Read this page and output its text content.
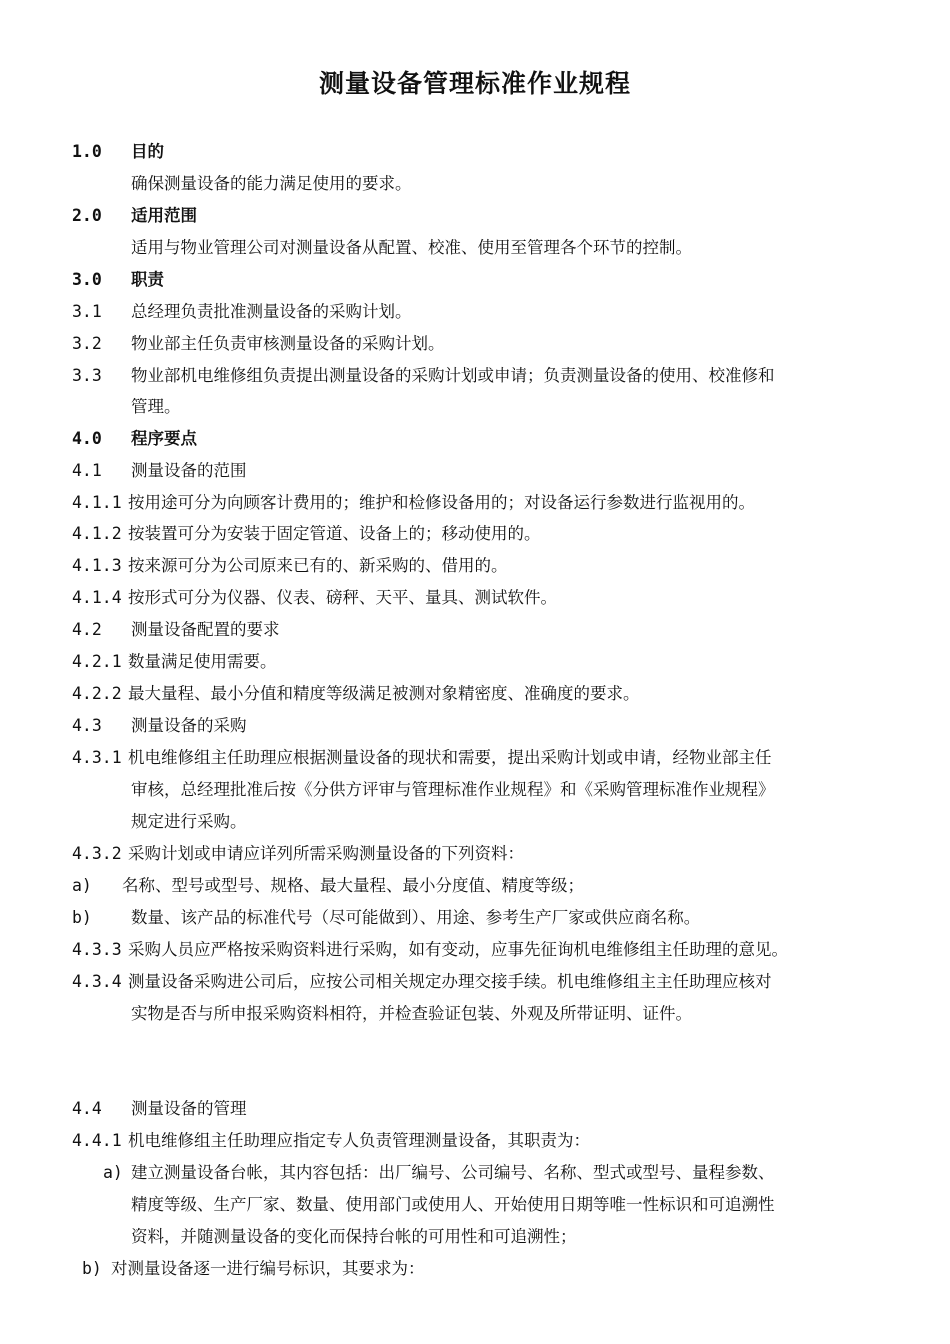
测量设备管理标准作业规程
1.0 目的
确保测量设备的能力满足使用的要求。
2.0 适用范围
适用与物业管理公司对测量设备从配置、校准、使用至管理各个环节的控制。
3.0 职责
3.1 总经理负责批准测量设备的采购计划。
3.2 物业部主任负责审核测量设备的采购计划。
3.3 物业部机电维修组负责提出测量设备的采购计划或申请；负责测量设备的使用、校准修和
管理。
4.0 程序要点
4.1 测量设备的范围
4.1.1 按用途可分为向顾客计费用的；维护和检修设备用的；对设备运行参数进行监视用的。
4.1.2 按装置可分为安装于固定管道、设备上的；移动使用的。
4.1.3 按来源可分为公司原来已有的、新采购的、借用的。
4.1.4 按形式可分为仪器、仪表、磅秤、天平、量具、测试软件。
4.2 测量设备配置的要求
4.2.1 数量满足使用需要。
4.2.2 最大量程、最小分值和精度等级满足被测对象精密度、准确度的要求。
4.3 测量设备的采购
4.3.1 机电维修组主任助理应根据测量设备的现状和需要，提出采购计划或申请，经物业部主任
审核，总经理批准后按《分供方评审与管理标准作业规程》和《采购管理标准作业规程》
规定进行采购。
4.3.2 采购计划或申请应详列所需采购测量设备的下列资料：
a) 名称、型号或型号、规格、最大量程、最小分度值、精度等级；
b) 数量、该产品的标准代号（尽可能做到）、用途、参考生产厂家或供应商名称。
4.3.3 采购人员应严格按采购资料进行采购，如有变动，应事先征询机电维修组主任助理的意见。
4.3.4 测量设备采购进公司后，应按公司相关规定办理交接手续。机电维修组主主任助理应核对
实物是否与所申报采购资料相符，并检查验证包装、外观及所带证明、证件。
4.4 测量设备的管理
4.4.1 机电维修组主任助理应指定专人负责管理测量设备，其职责为：
a) 建立测量设备台帐，其内容包括：出厂编号、公司编号、名称、型式或型号、量程参数、
精度等级、生产厂家、数量、使用部门或使用人、开始使用日期等唯一性标识和可追溯性
资料，并随测量设备的变化而保持台帐的可用性和可追溯性；
b) 对测量设备逐一进行编号标识，其要求为：
